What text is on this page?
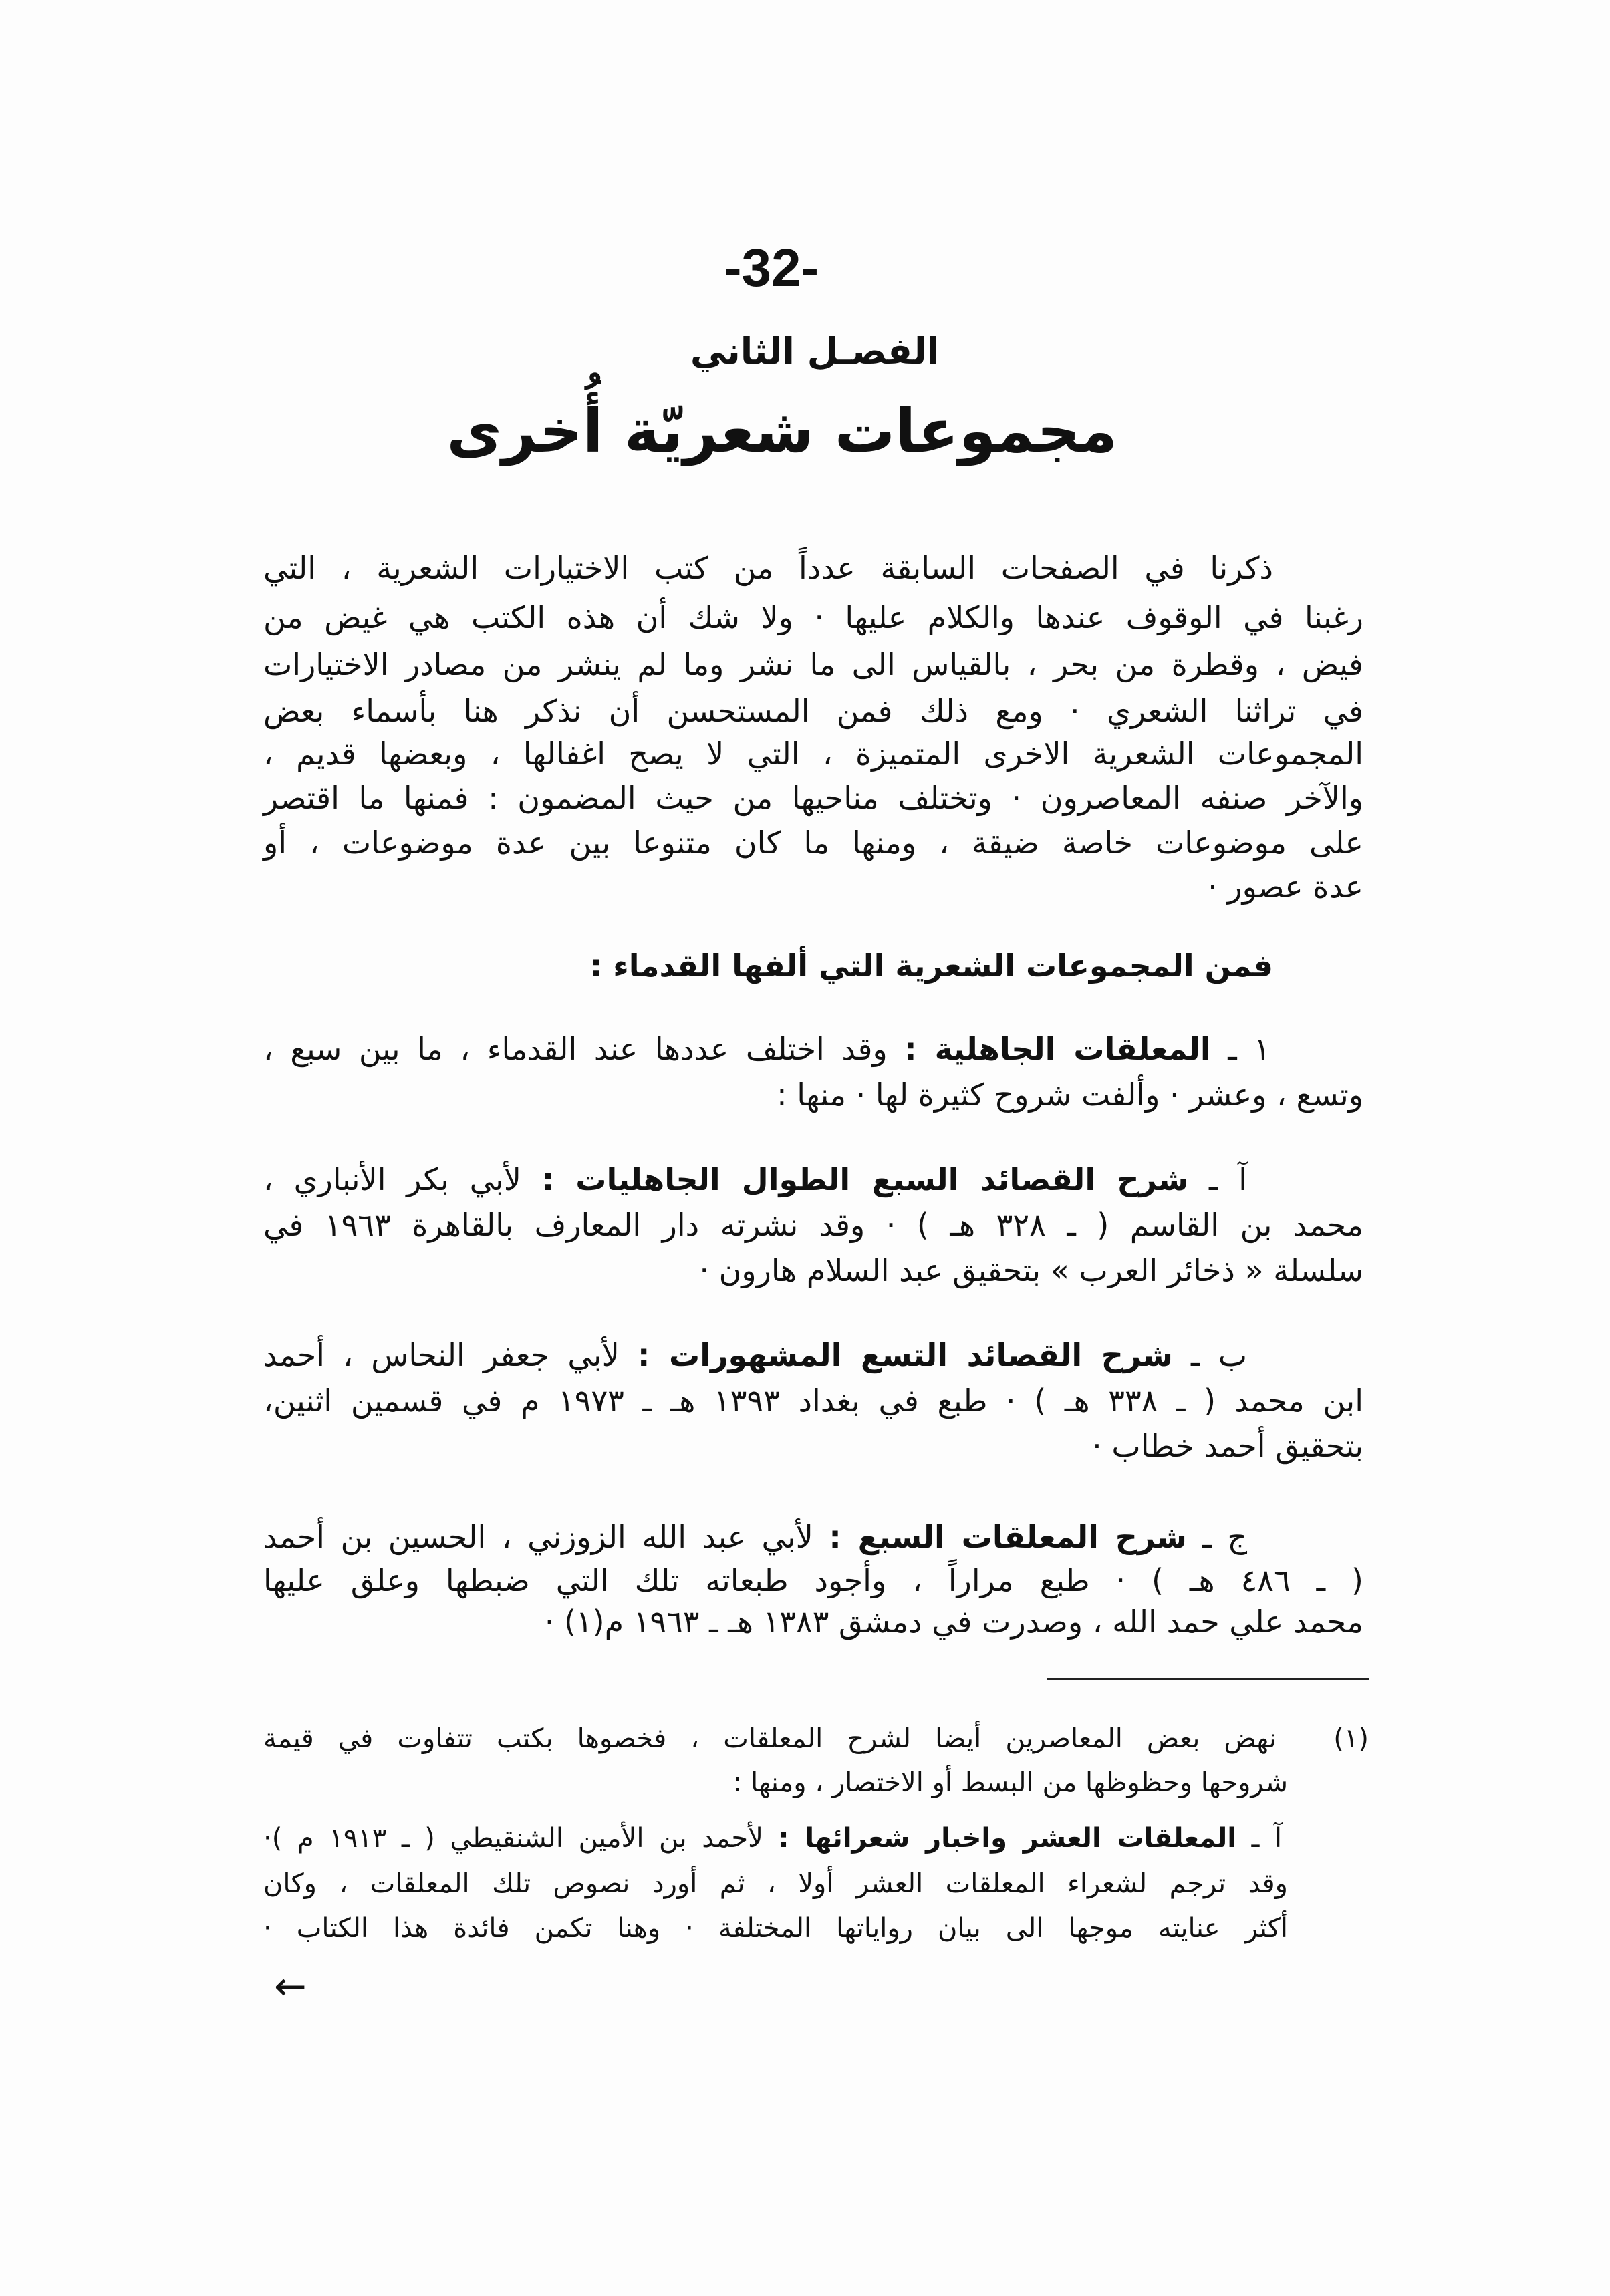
-32-
الفصـل الثاني
مجموعات شعريّة أُخرى
ذكرنا في الصفحات السابقة عدداً من كتب الاختيارات الشعرية ، التي
رغبنا في الوقوف عندها والكلام عليها · ولا شك أن هذه الكتب هي غيض من
فيض ، وقطرة من بحر ، بالقياس الى ما نشر وما لم ينشر من مصادر الاختيارات
في تراثنا الشعري · ومع ذلك فمن المستحسن أن نذكر هنا بأسماء بعض
المجموعات الشعرية الاخرى المتميزة ، التي لا يصح اغفالها ، وبعضها قديم ،
والآخر صنفه المعاصرون · وتختلف مناحيها من حيث المضمون : فمنها ما اقتصر
على موضوعات خاصة ضيقة ، ومنها ما كان متنوعا بين عدة موضوعات ، أو
عدة عصور ·
فمن المجموعات الشعرية التي ألفها القدماء :
١ ـ المعلقات الجاهلية : وقد اختلف عددها عند القدماء ، ما بين سبع ،
وتسع ، وعشر · وألفت شروح كثيرة لها · منها :
آ ـ شرح القصائد السبع الطوال الجاهليات : لأبي بكر الأنباري ،
محمد بن القاسم ( ـ ٣٢٨ هـ ) · وقد نشرته دار المعارف بالقاهرة ١٩٦٣ في
سلسلة « ذخائر العرب » بتحقيق عبد السلام هارون ·
ب ـ شرح القصائد التسع المشهورات : لأبي جعفر النحاس ، أحمد
ابن محمد ( ـ ٣٣٨ هـ ) · طبع في بغداد ١٣٩٣ هـ ـ ١٩٧٣ م في قسمين اثنين،
بتحقيق أحمد خطاب ·
ج ـ شرح المعلقات السبع : لأبي عبد الله الزوزني ، الحسين بن أحمد
( ـ ٤٨٦ هـ ) · طبع مراراً ، وأجود طبعاته تلك التي ضبطها وعلق عليها
محمد علي حمد الله ، وصدرت في دمشق ١٣٨٣ هـ ـ ١٩٦٣ م(١) ·
(١)
نهض بعض المعاصرين أيضا لشرح المعلقات ، فخصوها بكتب تتفاوت في قيمة
شروحها وحظوظها من البسط أو الاختصار ، ومنها :
آ ـ المعلقات العشر واخبار شعرائها : لأحمد بن الأمين الشنقيطي ( ـ ١٩١٣ م )·
وقد ترجم لشعراء المعلقات العشر أولا ، ثم أورد نصوص تلك المعلقات ، وكان
أكثر عنايته موجها الى بيان رواياتها المختلفة · وهنا تكمن فائدة هذا الكتاب ·
←
